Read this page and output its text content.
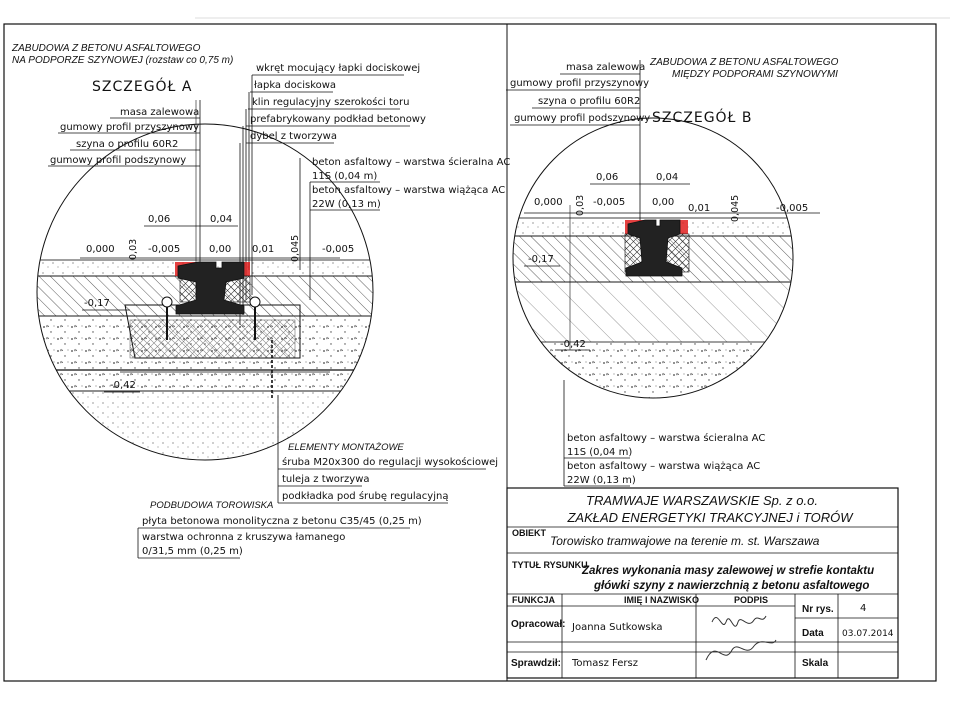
ZABUDOWA Z BETONU ASFALTOWEGO
NA PODPORZE SZYNOWEJ (rozstaw co 0,75 m)
SZCZEGÓŁ A
masa zalewowa
gumowy profil przyszynowy
szyna o profilu 60R2
gumowy profil podszynowy
wkręt mocujący łapki dociskowej
łapka dociskowa
klin regulacyjny szerokości toru
prefabrykowany podkład betonowy
dybel z tworzywa
beton asfaltowy – warstwa ścieralna AC
11S (0,04 m)
beton asfaltowy – warstwa wiążąca AC
22W (0,13 m)
0,06	0,04
0,000 0,03 -0,005	0,00 0,01 0,045 -0,005
-0,17
-0,42
ELEMENTY MONTAŻOWE
śruba M20x300 do regulacji wysokościowej
tuleja z tworzywa
podkładka pod śrubę regulacyjną
PODBUDOWA TOROWISKA
płyta betonowa monolityczna z betonu C35/45 (0,25 m)
warstwa ochronna z kruszywa łamanego
0/31,5 mm (0,25 m)
ZABUDOWA Z BETONU ASFALTOWEGO
MIĘDZY PODPORAMI SZYNOWYMI
SZCZEGÓŁ B
masa zalewowa
gumowy profil przyszynowy
szyna o profilu 60R2
gumowy profil podszynowy
0,06	0,04
0,000 0,03 -0,005	0,00
0,01 0,045	-0,005
-0,17
-0,42
beton asfaltowy – warstwa ścieralna AC
11S (0,04 m)
beton asfaltowy – warstwa wiążąca AC
22W (0,13 m)
TRAMWAJE WARSZAWSKIE Sp. z o.o.
ZAKŁAD ENERGETYKI TRAKCYJNEJ i TORÓW
OBIEKT
Torowisko tramwajowe na terenie m. st. Warszawa
TYTUŁ RYSUNKU
Zakres wykonania masy zalewowej w strefie kontaktu
główki szyny z nawierzchnią z betonu asfaltowego
FUNKCJA	IMIĘ I NAZWISKO	PODPIS
Opracował: Joanna Sutkowska
Sprawdził: Tomasz Fersz
Nr rys.	4
Data 03.07.2014
Skala
